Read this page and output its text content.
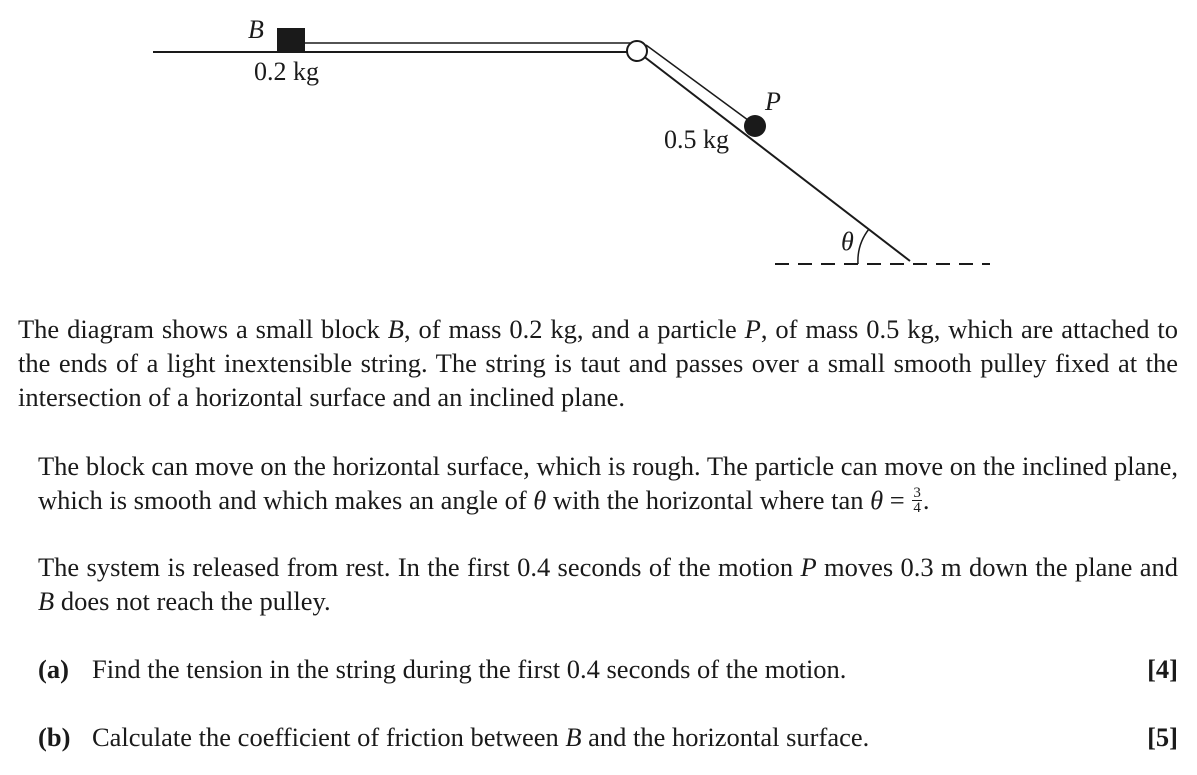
B
0.2 kg
P
0.5 kg
θ

The diagram shows a small block B, of mass 0.2 kg, and a particle P, of mass 0.5 kg, which are attached to the ends of a light inextensible string. The string is taut and passes over a small smooth pulley fixed at the intersection of a horizontal surface and an inclined plane.

The block can move on the horizontal surface, which is rough. The particle can move on the inclined plane, which is smooth and which makes an angle of θ with the horizontal where $\tan \theta = \frac{3}{4}$ .

The system is released from rest. In the first 0.4 seconds of the motion P moves 0.3 m down the plane and B does not reach the pulley.

(a) Find the tension in the string during the first 0.4 seconds of the motion.	[4]
(b) Calculate the coefficient of friction between B and the horizontal surface.	[5]
